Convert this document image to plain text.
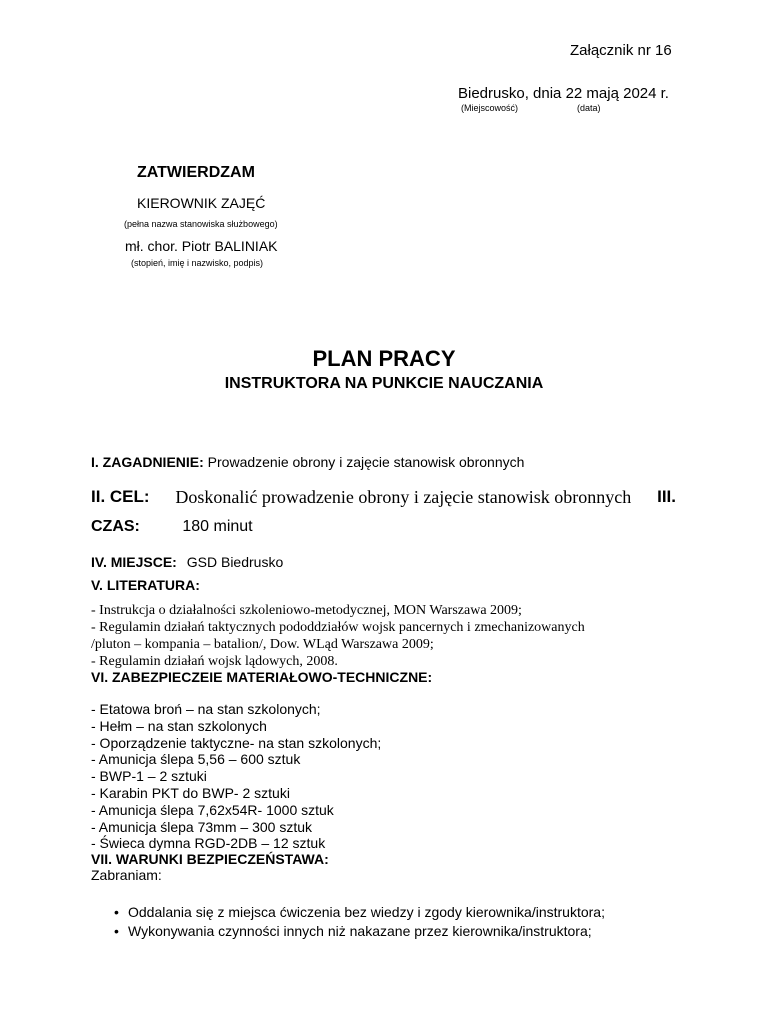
Załącznik nr 16
Biedrusko, dnia 22 mają 2024 r.
(Miejscowość)	(data)
ZATWIERDZAM
KIEROWNIK ZAJĘĆ
(pełna nazwa stanowiska służbowego)
mł. chor. Piotr BALINIAK
(stopień, imię i nazwisko, podpis)
PLAN PRACY
INSTRUKTORA NA PUNKCIE NAUCZANIA
I. ZAGADNIENIE: Prowadzenie obrony i zajęcie stanowisk obronnych
II. CEL: Doskonalić prowadzenie obrony i zajęcie stanowisk obronnych III.
CZAS:	180 minut
IV. MIEJSCE: GSD Biedrusko
V. LITERATURA:
- Instrukcja o działalności szkoleniowo-metodycznej, MON Warszawa 2009;
- Regulamin działań taktycznych pododdziałów wojsk pancernych i zmechanizowanych
/pluton – kompania – batalion/, Dow. WLąd Warszawa 2009;
- Regulamin działań wojsk lądowych, 2008.
VI. ZABEZPIECZEIE MATERIAŁOWO-TECHNICZNE:
- Etatowa broń – na stan szkolonych;
- Hełm – na stan szkolonych
- Oporządzenie taktyczne- na stan szkolonych;
- Amunicja ślepa 5,56 – 600 sztuk
- BWP-1 – 2 sztuki
- Karabin PKT do BWP- 2 sztuki
- Amunicja ślepa 7,62x54R- 1000 sztuk
- Amunicja ślepa 73mm – 300 sztuk
- Świeca dymna RGD-2DB – 12 sztuk
VII. WARUNKI BEZPIECZEŃSTAWA:
Zabraniam:
• Oddalania się z miejsca ćwiczenia bez wiedzy i zgody kierownika/instruktora;
• Wykonywania czynności innych niż nakazane przez kierownika/instruktora;
